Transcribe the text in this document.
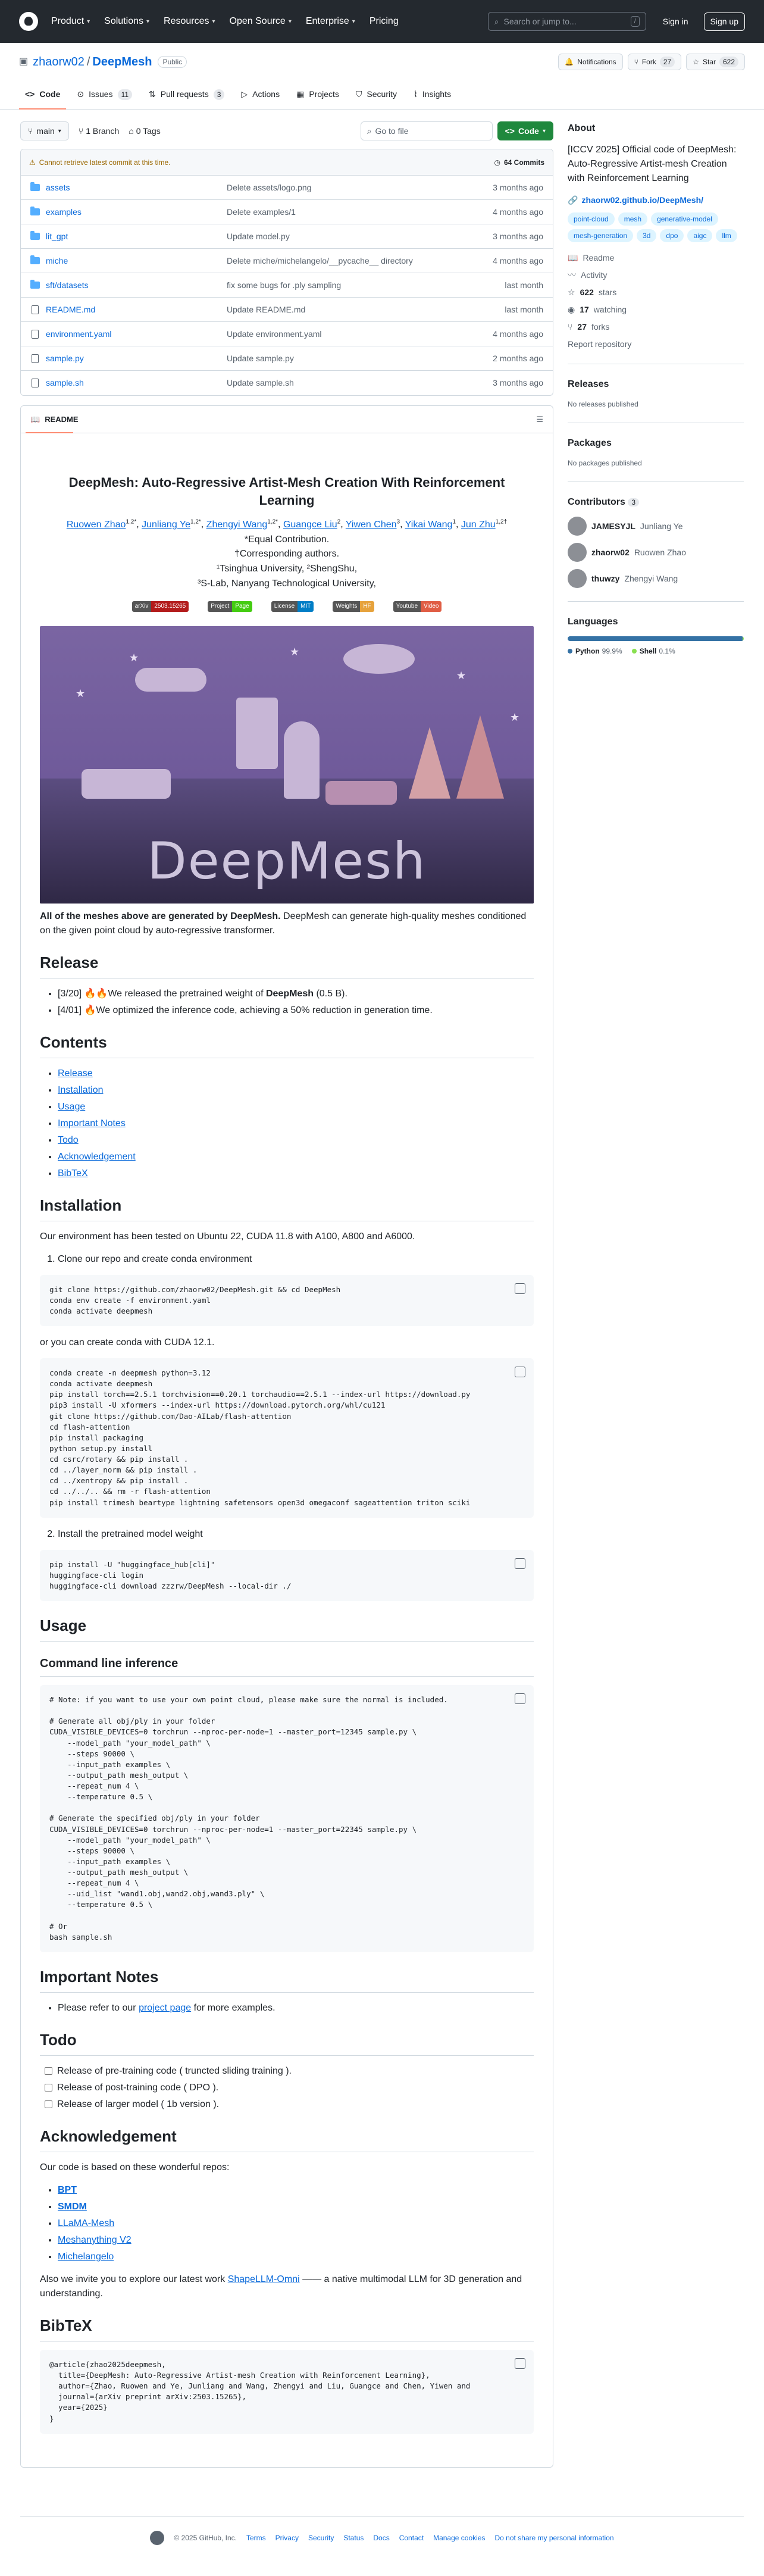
Product ▾ Solutions ▾ Resources ▾ Open Source ▾ Enterprise ▾ Pricing	⌕ Search or jump to...	/	Sign in	Sign up
▣ zhaorw02 / DeepMesh	Public	🔔 Notifications	⑂ Fork	27	☆ Star	622
<> Code ⊙ Issues	11	⇅ Pull requests	3	▷ Actions ▦ Projects ⛉ Security ⌇ Insights
⑂ main ▾ ⑂ 1 Branch ⌂ 0 Tags	⌕ Go to file	<> Code ▾
⚠ Cannot retrieve latest commit at this time.	◷ 64 Commits
assets	Delete assets/logo.png	3 months ago
examples	Delete examples/1	4 months ago
lit_gpt	Update model.py	3 months ago
miche	Delete miche/michelangelo/__pycache__ directory	4 months ago
sft/datasets	fix some bugs for .ply sampling	last month
README.md	Update README.md	last month
environment.yaml	Update environment.yaml	4 months ago
sample.py	Update sample.py	2 months ago
sample.sh	Update sample.sh	3 months ago
📖 README	☰
DeepMesh: Auto-Regressive Artist-Mesh Creation With Reinforcement Learning
Ruowen Zhao$^{1,2*}$, Junliang $Ye^{1,2*}$, Zhengyi Wang$^{1,2*}$, Guangce Liu$^2$, Yiwen Chen$^3$, Yikai Wang$^1$, Jun Zhu$^{1,2\dagger}$
*Equal Contribution.
†Corresponding authors.
¹Tsinghua University, ²ShengShu,
³S-Lab, Nanyang Technological University,
arXiv	2503.15265	Project	Page	License	MIT	Weights	HF	Youtube	Video
★
★	★
★
★
DeepMesh
All of the meshes above are generated by DeepMesh. DeepMesh can generate high-quality meshes conditioned on the given point cloud by auto-regressive transformer.
Release
• [3/20] 🔥🔥We released the pretrained weight of DeepMesh (0.5 B).
• [4/01] 🔥We optimized the inference code, achieving a 50% reduction in generation time.
Contents
• Release
• Installation
• Usage
• Important Notes
• Todo
• Acknowledgement
• BibTeX
Installation

Our environment has been tested on Ubuntu 22, CUDA 11.8 with A100, A800 and A6000.

1. Clone our repo and create conda environment
git clone https://github.com/zhaorw02/DeepMesh.git && cd DeepMesh
conda env create -f environment.yaml
conda activate deepmesh

or you can create conda with CUDA 12.1.

conda create -n deepmesh python=3.12
conda activate deepmesh
pip install torch==2.5.1 torchvision==0.20.1 torchaudio==2.5.1 --index-url https://download.py
pip3 install -U xformers --index-url https://download.pytorch.org/whl/cu121
git clone https://github.com/Dao-AILab/flash-attention
cd flash-attention
pip install packaging
python setup.py install
cd csrc/rotary && pip install .
cd ../layer_norm && pip install .
cd ../xentropy && pip install .
cd ../../.. && rm -r flash-attention
pip install trimesh beartype lightning safetensors open3d omegaconf sageattention triton sciki
2. Install the pretrained model weight
pip install -U "huggingface_hub[cli]"
huggingface-cli login
huggingface-cli download zzzrw/DeepMesh --local-dir ./
Usage
Command line inference
# Note: if you want to use your own point cloud, please make sure the normal is included.

# Generate all obj/ply in your folder
CUDA_VISIBLE_DEVICES=0 torchrun --nproc-per-node=1 --master_port=12345 sample.py \
--model_path "your_model_path" \
--steps 90000 \
--input_path examples \
--output_path mesh_output \
--repeat_num 4 \
--temperature 0.5 \

# Generate the specified obj/ply in your folder
CUDA_VISIBLE_DEVICES=0 torchrun --nproc-per-node=1 --master_port=22345 sample.py \
--model_path "your_model_path" \
--steps 90000 \
--input_path examples \
--output_path mesh_output \
--repeat_num 4 \
--uid_list "wand1.obj,wand2.obj,wand3.ply" \
--temperature 0.5 \

# Or
bash sample.sh
Important Notes
• Please refer to our project page for more examples.
Todo
Release of pre-training code ( truncted sliding training ).
Release of post-training code ( DPO ).
Release of larger model ( 1b version ).
Acknowledgement

Our code is based on these wonderful repos:

• BPT
• SMDM
• LLaMA-Mesh
• Meshanything V2
• Michelangelo

Also we invite you to explore our latest work ShapeLLM-Omni —— a native multimodal LLM for 3D generation and understanding.

BibTeX
@article{zhao2025deepmesh,
title={DeepMesh: Auto-Regressive Artist-mesh Creation with Reinforcement Learning},
author={Zhao, Ruowen and Ye, Junliang and Wang, Zhengyi and Liu, Guangce and Chen, Yiwen and
journal={arXiv preprint arXiv:2503.15265},
year={2025}
}
About
[ICCV 2025] Official code of DeepMesh: Auto-Regressive Artist-mesh Creation with Reinforcement Learning
🔗 zhaorw02.github.io/DeepMesh/
point-cloud	mesh	generative-model
mesh-generation	3d	dpo	aigc	llm
📖 Readme
〰 Activity
☆ 622 stars
◉ 17 watching
⑂ 27 forks
Report repository
Releases
No releases published
Packages
No packages published
Contributors 3
JAMESYJL Junliang Ye
zhaorw02 Ruowen Zhao
thuwzy Zhengyi Wang
Languages
Python 99.9%	Shell 0.1%
© 2025 GitHub, Inc. Terms Privacy Security Status Docs Contact Manage cookies Do not share my personal information
